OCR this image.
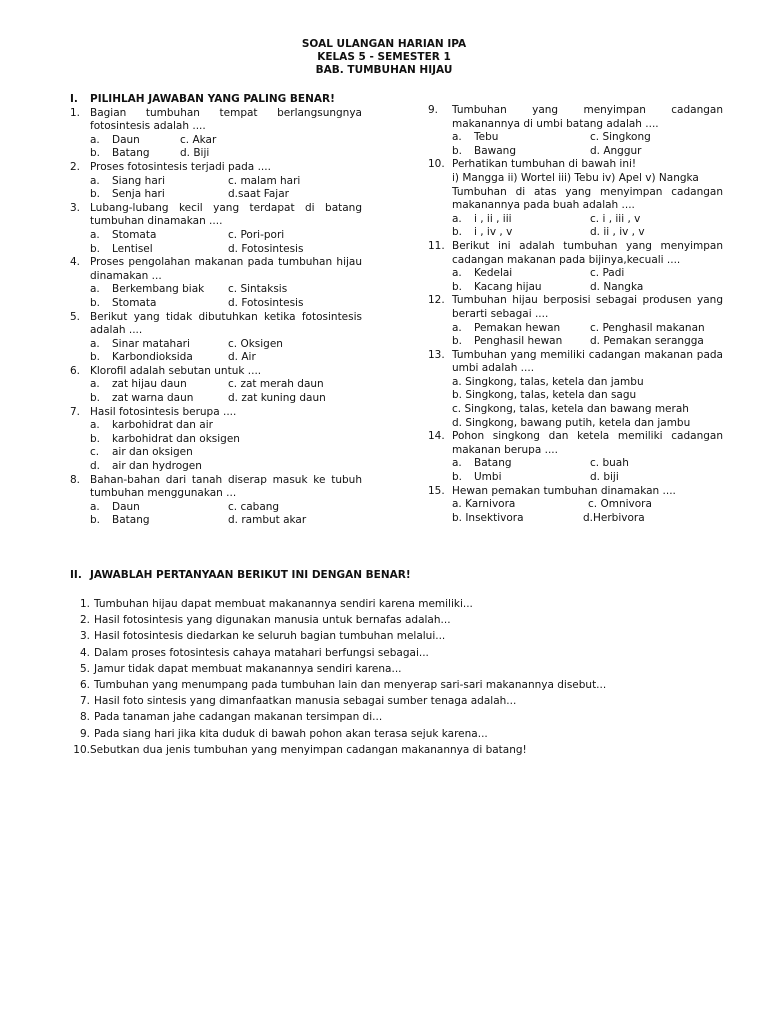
SOAL ULANGAN HARIAN IPA
KELAS 5 - SEMESTER 1
BAB. TUMBUHAN HIJAU
I.	PILIHLAH JAWABAN YANG PALING BENAR!
1. Bagian tumbuhan tempat berlangsungnya fotosintesis adalah ....
a.	Daun	c. Akar
b.	Batang	d. Biji
2. Proses fotosintesis terjadi pada ....
a.	Siang hari	c. malam hari
b.	Senja hari	d.saat Fajar
3. Lubang-lubang kecil yang terdapat di batang tumbuhan dinamakan ....
a.	Stomata	c. Pori-pori
b.	Lentisel	d. Fotosintesis
4. Proses pengolahan makanan pada tumbuhan hijau dinamakan ...
a.	Berkembang biak c. Sintaksis
b.	Stomata	d. Fotosintesis
5. Berikut yang tidak dibutuhkan ketika fotosintesis adalah ....
a.	Sinar matahari	c. Oksigen
b.	Karbondioksida	d. Air
6. Klorofil adalah sebutan untuk ....
a.	zat hijau daun	c. zat merah daun
b.	zat warna daun	d. zat kuning daun
7. Hasil fotosintesis berupa ....
a.	karbohidrat dan air
b.	karbohidrat dan oksigen
c.	air dan oksigen
d.	air dan hydrogen
8. Bahan-bahan dari tanah diserap masuk ke tubuh tumbuhan menggunakan ...
a.	Daun	c. cabang
b.	Batang	d. rambut akar
9.	Tumbuhan yang menyimpan cadangan makanannya di umbi batang adalah ....
a.	Tebu	c. Singkong
b.	Bawang	d. Anggur
10. Perhatikan tumbuhan di bawah ini!
i) Mangga ii) Wortel iii) Tebu iv) Apel v) Nangka
Tumbuhan di atas yang menyimpan cadangan makanannya pada buah adalah ....
a.	i , ii , iii	c. i , iii , v
b.	i , iv , v	d. ii , iv , v
11. Berikut ini adalah tumbuhan yang menyimpan cadangan makanan pada bijinya,kecuali ....
a.	Kedelai	c. Padi
b.	Kacang hijau	d. Nangka
12. Tumbuhan hijau berposisi sebagai produsen yang berarti sebagai ....
a.	Pemakan hewan	c. Penghasil makanan
b.	Penghasil hewan	d. Pemakan serangga
13. Tumbuhan yang memiliki cadangan makanan pada umbi adalah ....
a. Singkong, talas, ketela dan jambu
b. Singkong, talas, ketela dan sagu
c. Singkong, talas, ketela dan bawang merah
d. Singkong, bawang putih, ketela dan jambu
14. Pohon singkong dan ketela memiliki cadangan makanan berupa ....
a.	Batang	c. buah
b.	Umbi	d. biji
15. Hewan pemakan tumbuhan dinamakan ....
a. Karnivora	c. Omnivora
b. Insektivora	d.Herbivora
II. JAWABLAH PERTANYAAN BERIKUT INI DENGAN BENAR!
1. Tumbuhan hijau dapat membuat makanannya sendiri karena memiliki...
2. Hasil fotosintesis yang digunakan manusia untuk bernafas adalah...
3. Hasil fotosintesis diedarkan ke seluruh bagian tumbuhan melalui...
4. Dalam proses fotosintesis cahaya matahari berfungsi sebagai...
5. Jamur tidak dapat membuat makanannya sendiri karena...
6. Tumbuhan yang menumpang pada tumbuhan lain dan menyerap sari-sari makanannya disebut...
7. Hasil foto sintesis yang dimanfaatkan manusia sebagai sumber tenaga adalah...
8. Pada tanaman jahe cadangan makanan tersimpan di...
9. Pada siang hari jika kita duduk di bawah pohon akan terasa sejuk karena...
10. Sebutkan dua jenis tumbuhan yang menyimpan cadangan makanannya di batang!
